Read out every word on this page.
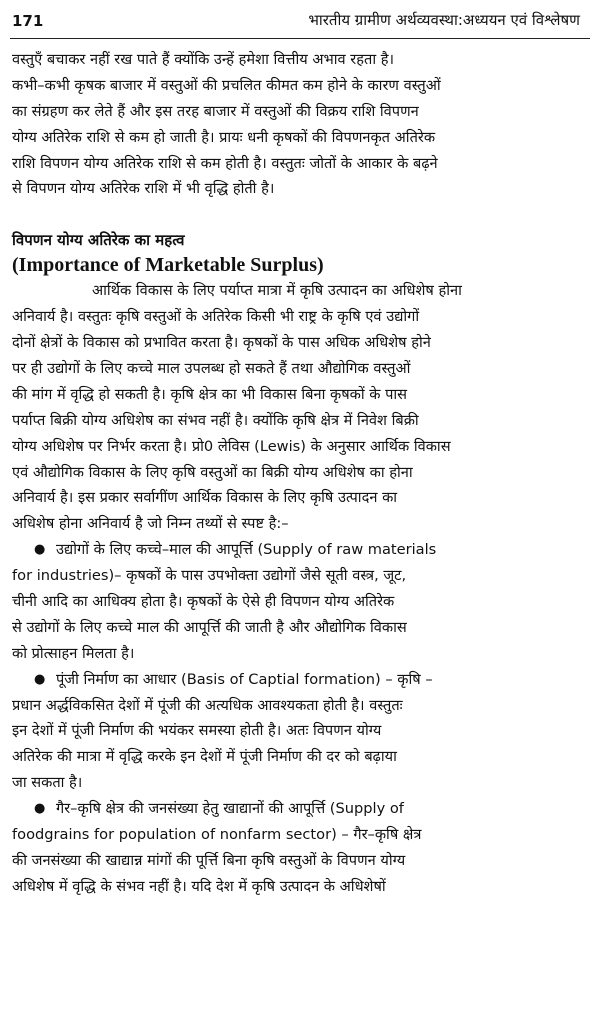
171	भारतीय ग्रामीण अर्थव्यवस्था:अध्ययन एवं विश्लेषण
वस्तुएँ बचाकर नहीं रख पाते हैं क्योंकि उन्हें हमेशा वित्तीय अभाव रहता है।
कभी–कभी कृषक बाजार में वस्तुओं की प्रचलित कीमत कम होने के कारण वस्तुओं
का संग्रहण कर लेते हैं और इस तरह बाजार में वस्तुओं की विक्रय राशि विपणन
योग्य अतिरेक राशि से कम हो जाती है। प्रायः धनी कृषकों की विपणनकृत अतिरेक
राशि विपणन योग्य अतिरेक राशि से कम होती है। वस्तुतः जोतों के आकार के बढ़ने
से विपणन योग्य अतिरेक राशि में भी वृद्धि होती है।
विपणन योग्य अतिरेक का महत्व
(Importance of Marketable Surplus)
आर्थिक विकास के लिए पर्याप्त मात्रा में कृषि उत्पादन का अधिशेष होना
अनिवार्य है। वस्तुतः कृषि वस्तुओं के अतिरेक किसी भी राष्ट्र के कृषि एवं उद्योगों
दोनों क्षेत्रों के विकास को प्रभावित करता है। कृषकों के पास अधिक अधिशेष होने
पर ही उद्योगों के लिए कच्चे माल उपलब्ध हो सकते हैं तथा औद्योगिक वस्तुओं
की मांग में वृद्धि हो सकती है। कृषि क्षेत्र का भी विकास बिना कृषकों के पास
पर्याप्त बिक्री योग्य अधिशेष का संभव नहीं है। क्योंकि कृषि क्षेत्र में निवेश बिक्री
योग्य अधिशेष पर निर्भर करता है। प्रो0 लेविस (Lewis) के अनुसार आर्थिक विकास
एवं औद्योगिक विकास के लिए कृषि वस्तुओं का बिक्री योग्य अधिशेष का होना
अनिवार्य है। इस प्रकार सर्वागींण आर्थिक विकास के लिए कृषि उत्पादन का
अधिशेष होना अनिवार्य है जो निम्न तथ्यों से स्पष्ट है:–
● उद्योगों के लिए कच्चे–माल की आपूर्त्ति (Supply of raw materials
for industries)– कृषकों के पास उपभोक्ता उद्योगों जैसे सूती वस्त्र, जूट,
चीनी आदि का आधिक्य होता है। कृषकों के ऐसे ही विपणन योग्य अतिरेक
से उद्योगों के लिए कच्चे माल की आपूर्त्ति की जाती है और औद्योगिक विकास
को प्रोत्साहन मिलता है।
● पूंजी निर्माण का आधार (Basis of Captial formation) – कृषि –
प्रधान अर्द्धविकसित देशों में पूंजी की अत्यधिक आवश्यकता होती है। वस्तुतः
इन देशों में पूंजी निर्माण की भयंकर समस्या होती है। अतः विपणन योग्य
अतिरेक की मात्रा में वृद्धि करके इन देशों में पूंजी निर्माण की दर को बढ़ाया
जा सकता है।
● गैर–कृषि क्षेत्र की जनसंख्या हेतु खाद्यानों की आपूर्त्ति (Supply of
foodgrains for population of nonfarm sector) – गैर–कृषि क्षेत्र
की जनसंख्या की खाद्यान्न मांगों की पूर्त्ति बिना कृषि वस्तुओं के विपणन योग्य
अधिशेष में वृद्धि के संभव नहीं है। यदि देश में कृषि उत्पादन के अधिशेषों
